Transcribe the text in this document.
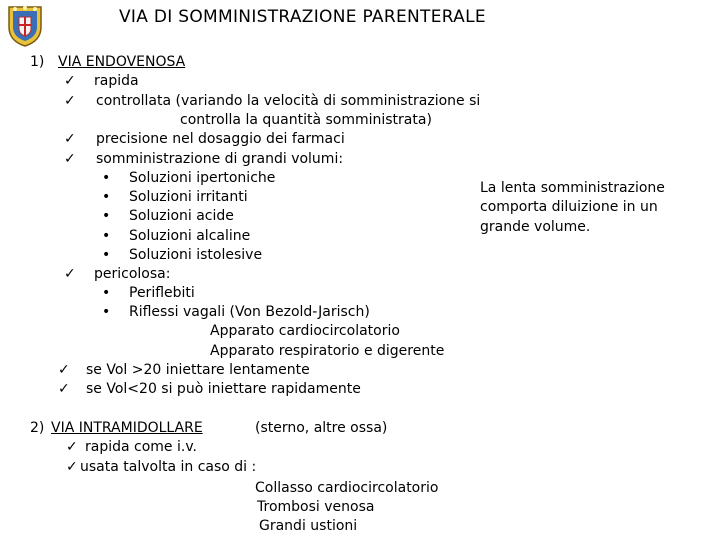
VIA DI SOMMINISTRAZIONE PARENTERALE
1) VIA ENDOVENOSA
✓ rapida
✓ controllata (variando la velocità di somministrazione si
controlla la quantità somministrata)
✓ precisione nel dosaggio dei farmaci
✓ somministrazione di grandi volumi:
• Soluzioni ipertoniche
• Soluzioni irritanti
• Soluzioni acide
• Soluzioni alcaline
• Soluzioni istolesive
✓ pericolosa:
• Periflebiti
• Riflessi vagali (Von Bezold-Jarisch)
Apparato cardiocircolatorio
Apparato respiratorio e digerente
✓ se Vol >20 iniettare lentamente
✓ se Vol<20 si può iniettare rapidamente
La lenta somministrazione
comporta diluizione in un
grande volume.
2) VIA INTRAMIDOLLARE	(sterno, altre ossa)
✓ rapida come i.v.
✓ usata talvolta in caso di :
Collasso cardiocircolatorio
Trombosi venosa
Grandi ustioni
